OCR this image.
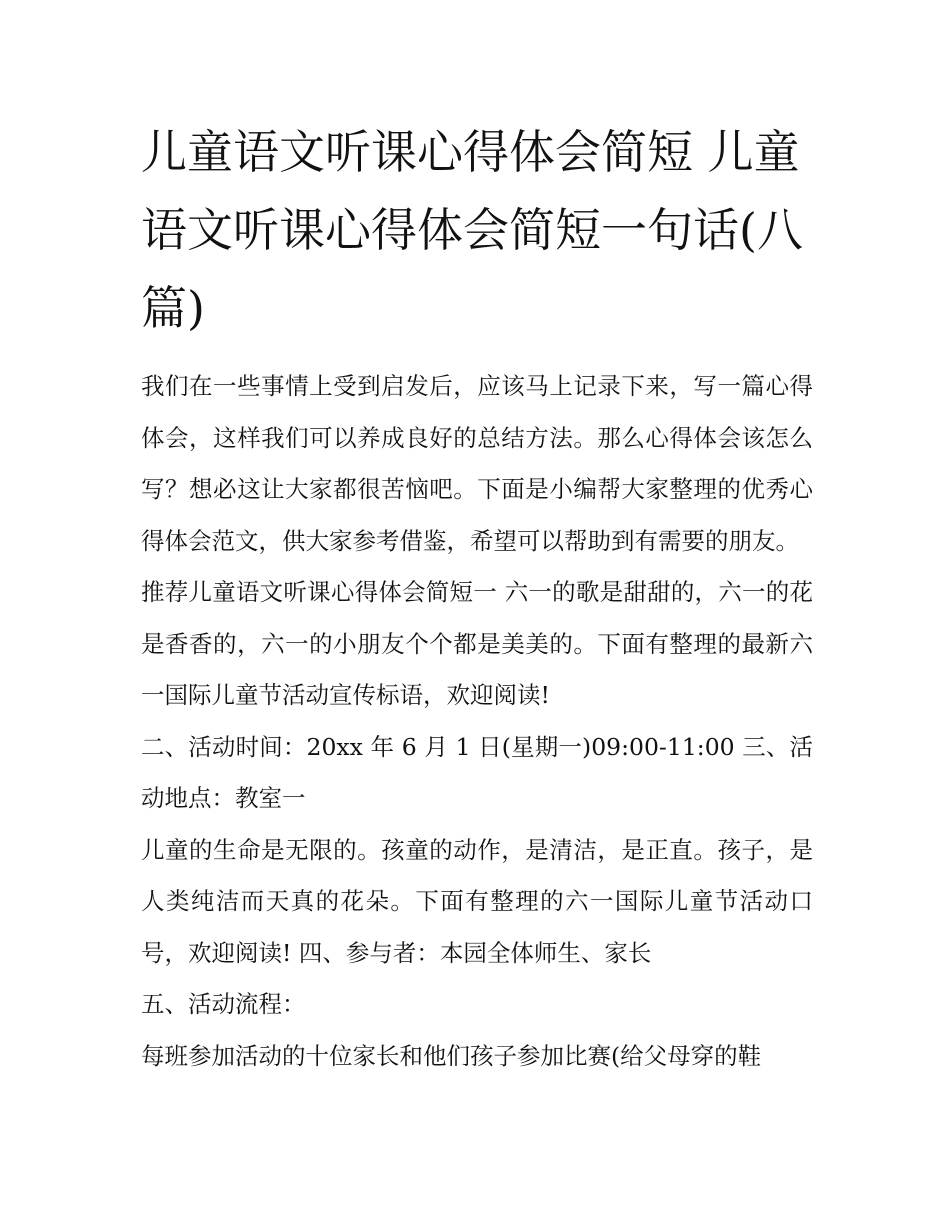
儿童语文听课心得体会简短 儿童语文听课心得体会简短一句话(八篇)

我们在一些事情上受到启发后，应该马上记录下来，写一篇心得体会，这样我们可以养成良好的总结方法。那么心得体会该怎么写？想必这让大家都很苦恼吧。下面是小编帮大家整理的优秀心得体会范文，供大家参考借鉴，希望可以帮助到有需要的朋友。

推荐儿童语文听课心得体会简短一 六一的歌是甜甜的，六一的花是香香的，六一的小朋友个个都是美美的。下面有整理的最新六一国际儿童节活动宣传标语，欢迎阅读!

二、活动时间：20xx 年 6 月 1 日(星期一)09:00-11:00 三、活动地点：教室一

儿童的生命是无限的。孩童的动作，是清洁，是正直。孩子，是人类纯洁而天真的花朵。下面有整理的六一国际儿童节活动口号，欢迎阅读! 四、参与者：本园全体师生、家长

五、活动流程：

每班参加活动的十位家长和他们孩子参加比赛(给父母穿的鞋
